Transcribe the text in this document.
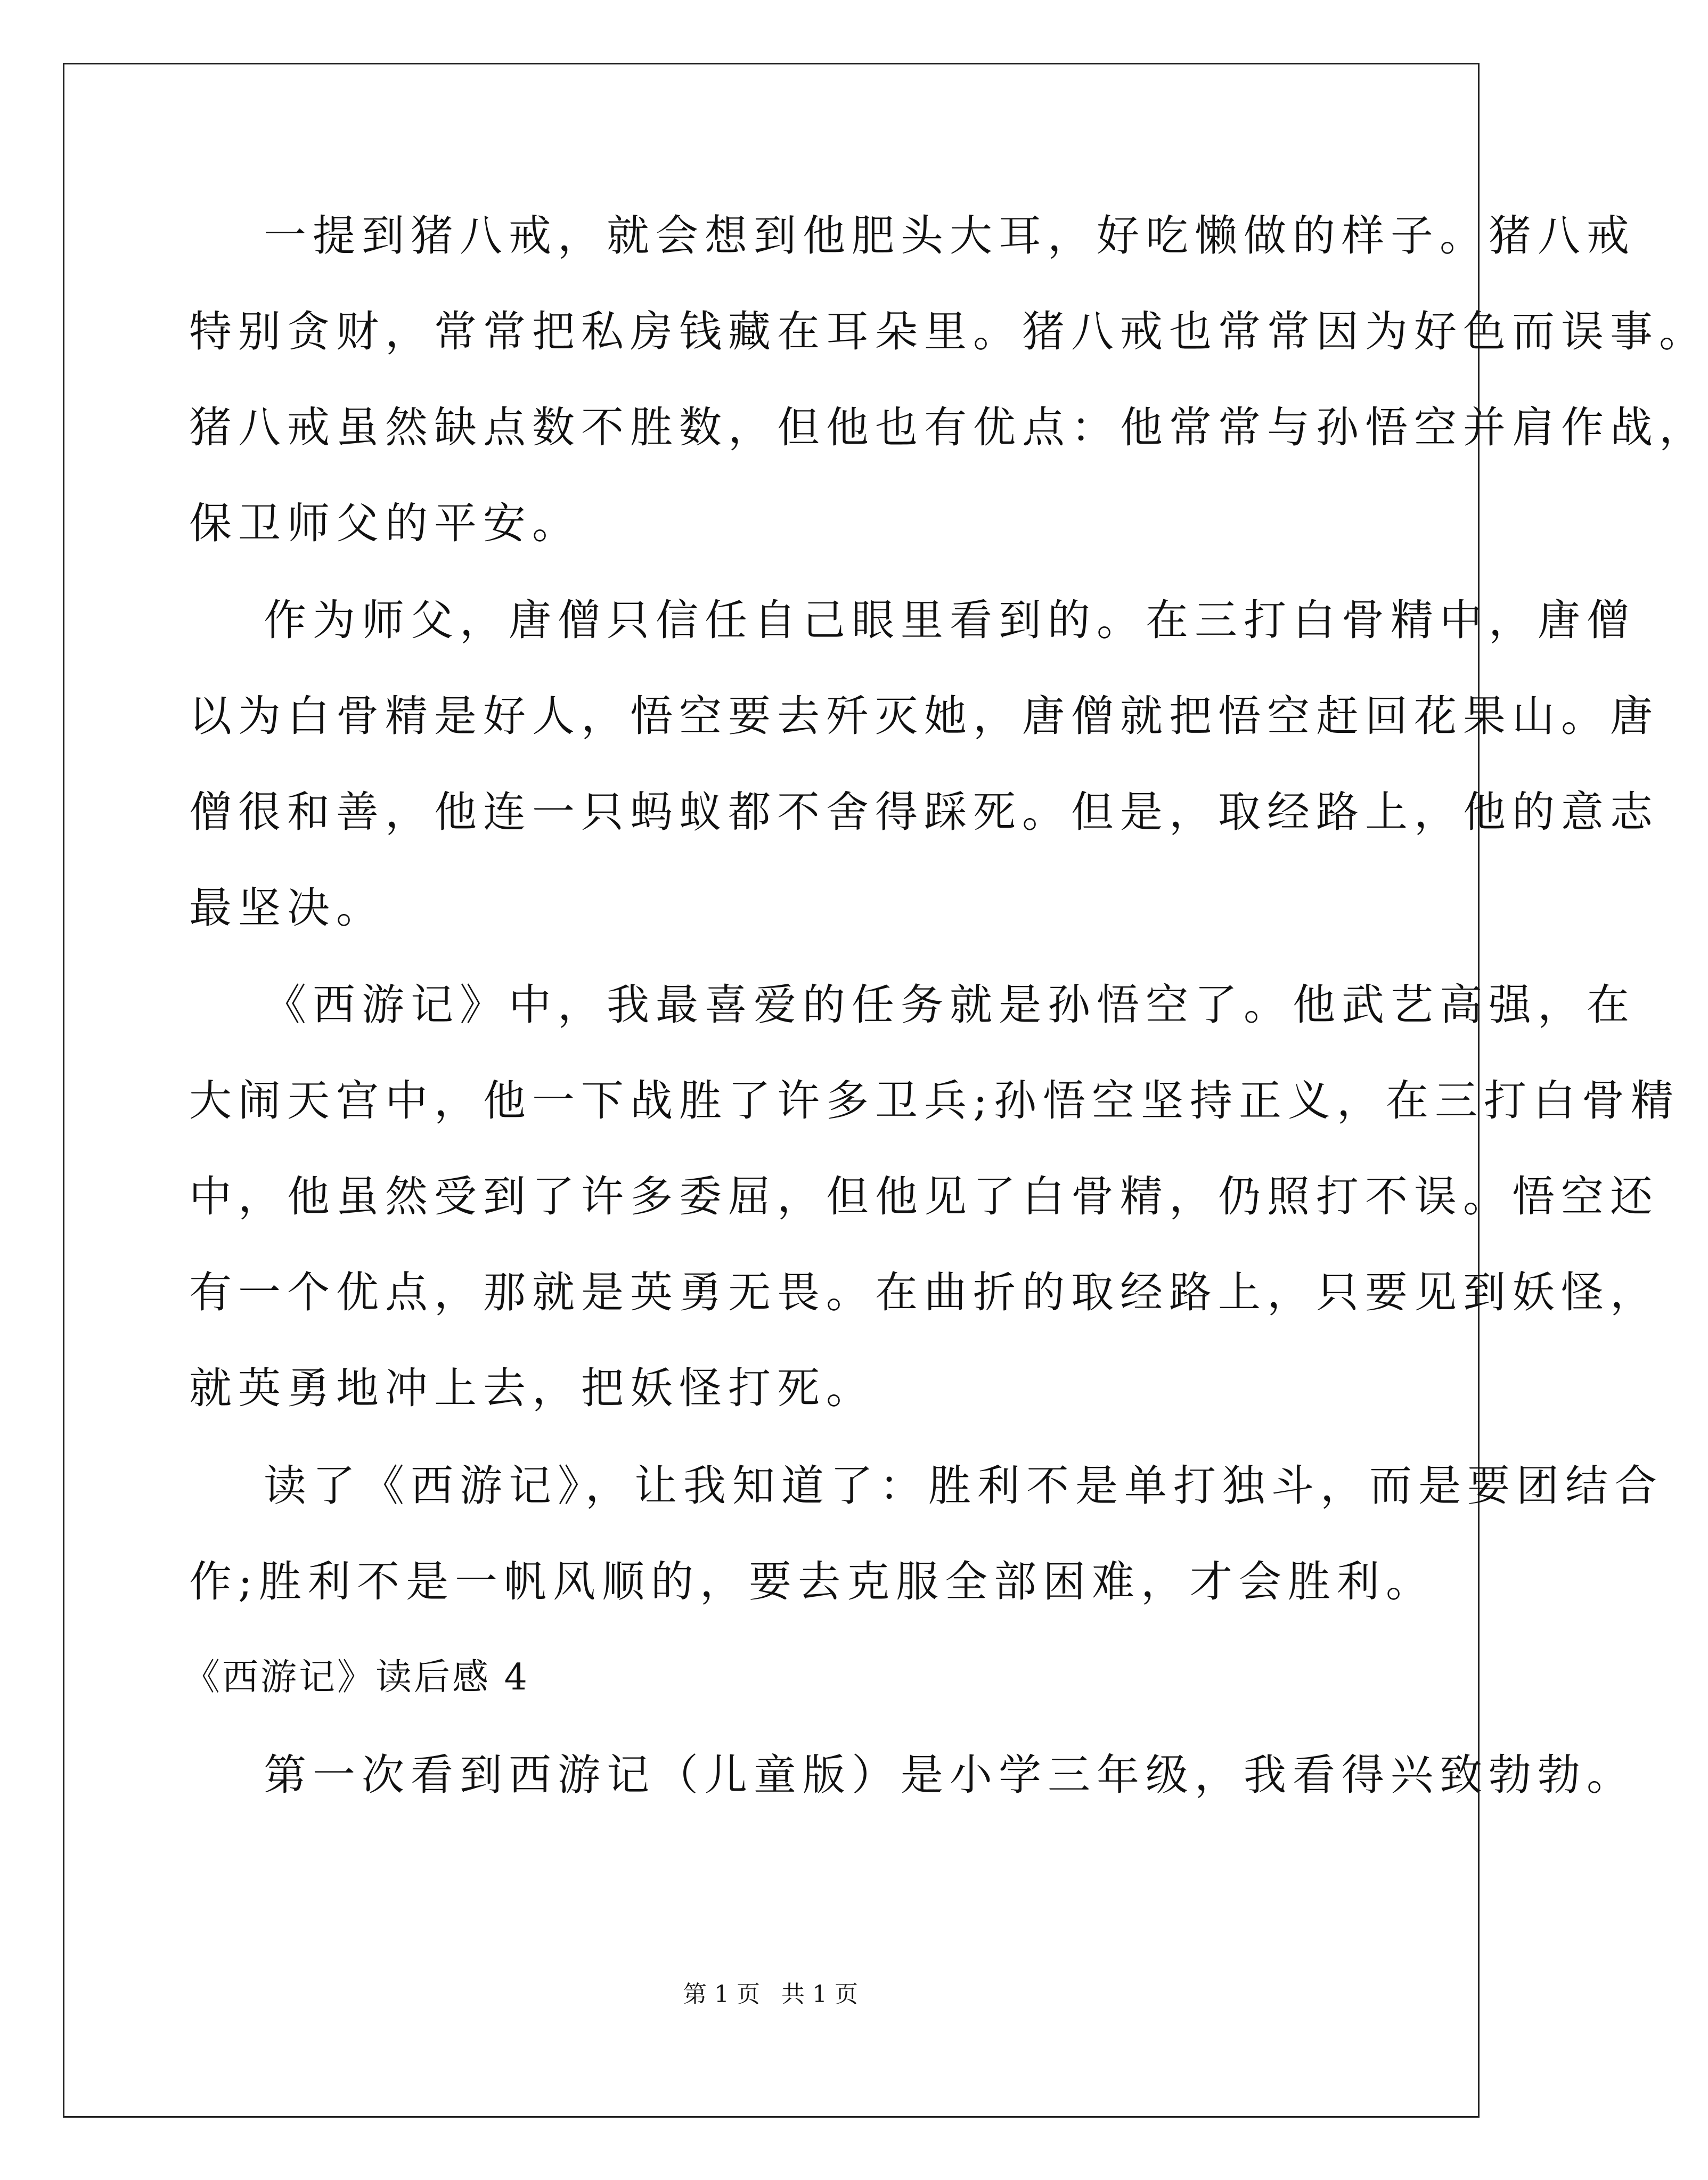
一提到猪八戒，就会想到他肥头大耳，好吃懒做的样子。猪八戒
特别贪财，常常把私房钱藏在耳朵里。猪八戒也常常因为好色而误事。
猪八戒虽然缺点数不胜数，但他也有优点：他常常与孙悟空并肩作战，
保卫师父的平安。
作为师父，唐僧只信任自己眼里看到的。在三打白骨精中，唐僧
以为白骨精是好人，悟空要去歼灭她，唐僧就把悟空赶回花果山。唐
僧很和善，他连一只蚂蚁都不舍得踩死。但是，取经路上，他的意志
最坚决。
《西游记》中，我最喜爱的任务就是孙悟空了。他武艺高强，在
大闹天宫中，他一下战胜了许多卫兵;孙悟空坚持正义，在三打白骨精
中，他虽然受到了许多委屈，但他见了白骨精，仍照打不误。悟空还
有一个优点，那就是英勇无畏。在曲折的取经路上，只要见到妖怪，
就英勇地冲上去，把妖怪打死。
读了《西游记》，让我知道了：胜利不是单打独斗，而是要团结合
作;胜利不是一帆风顺的，要去克服全部困难，才会胜利。
《西游记》读后感 4
第一次看到西游记（儿童版）是小学三年级，我看得兴致勃勃。
第 1 页 共 1 页
